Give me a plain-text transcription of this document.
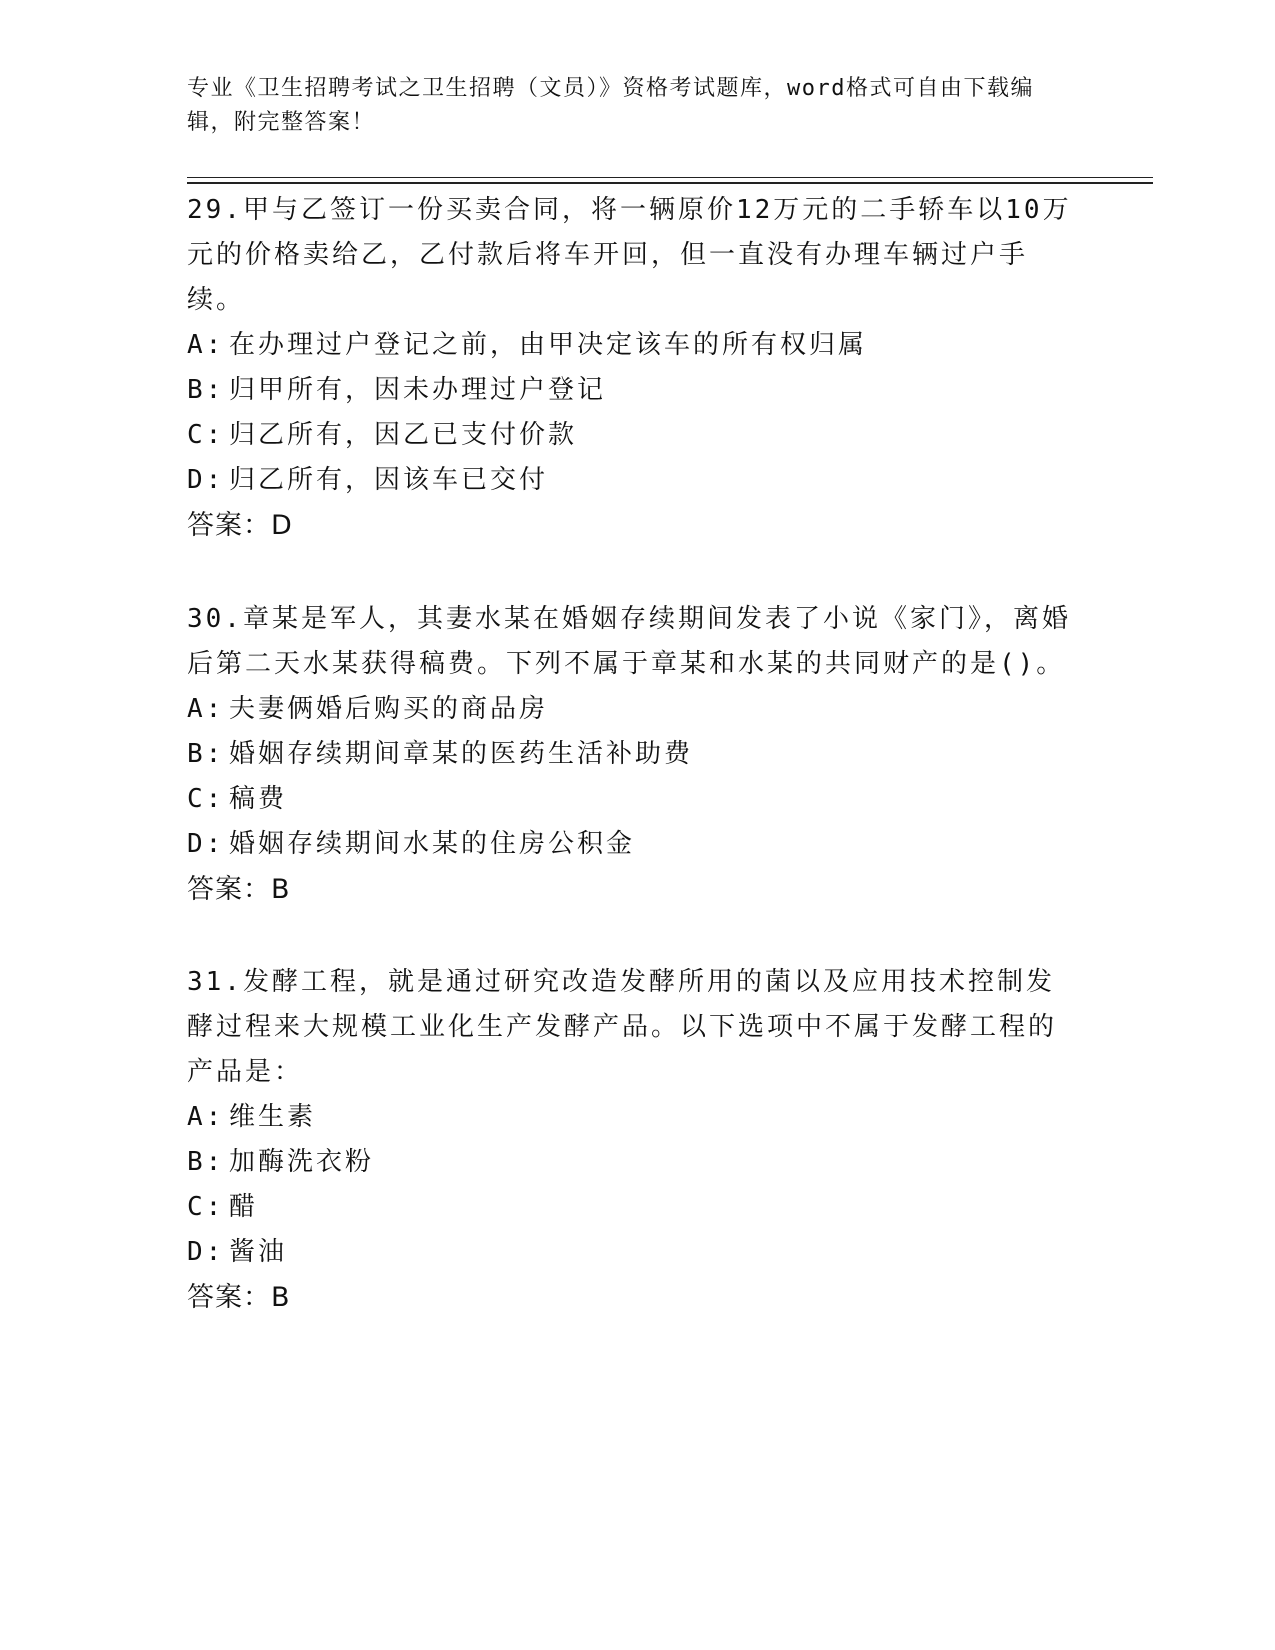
专业《卫生招聘考试之卫生招聘（文员）》资格考试题库，word格式可自由下载编辑，附完整答案！

29.甲与乙签订一份买卖合同，将一辆原价12万元的二手轿车以10万元的价格卖给乙，乙付款后将车开回，但一直没有办理车辆过户手续。

A: 在办理过户登记之前，由甲决定该车的所有权归属

B: 归甲所有，因未办理过户登记

C: 归乙所有，因乙已支付价款

D: 归乙所有，因该车已交付

答案：D

30.章某是军人，其妻水某在婚姻存续期间发表了小说《家门》，离婚后第二天水某获得稿费。下列不属于章某和水某的共同财产的是()。

A: 夫妻俩婚后购买的商品房

B: 婚姻存续期间章某的医药生活补助费

C: 稿费

D: 婚姻存续期间水某的住房公积金

答案：B

31.发酵工程，就是通过研究改造发酵所用的菌以及应用技术控制发酵过程来大规模工业化生产发酵产品。以下选项中不属于发酵工程的产品是：

A: 维生素

B: 加酶洗衣粉

C: 醋

D: 酱油

答案：B
